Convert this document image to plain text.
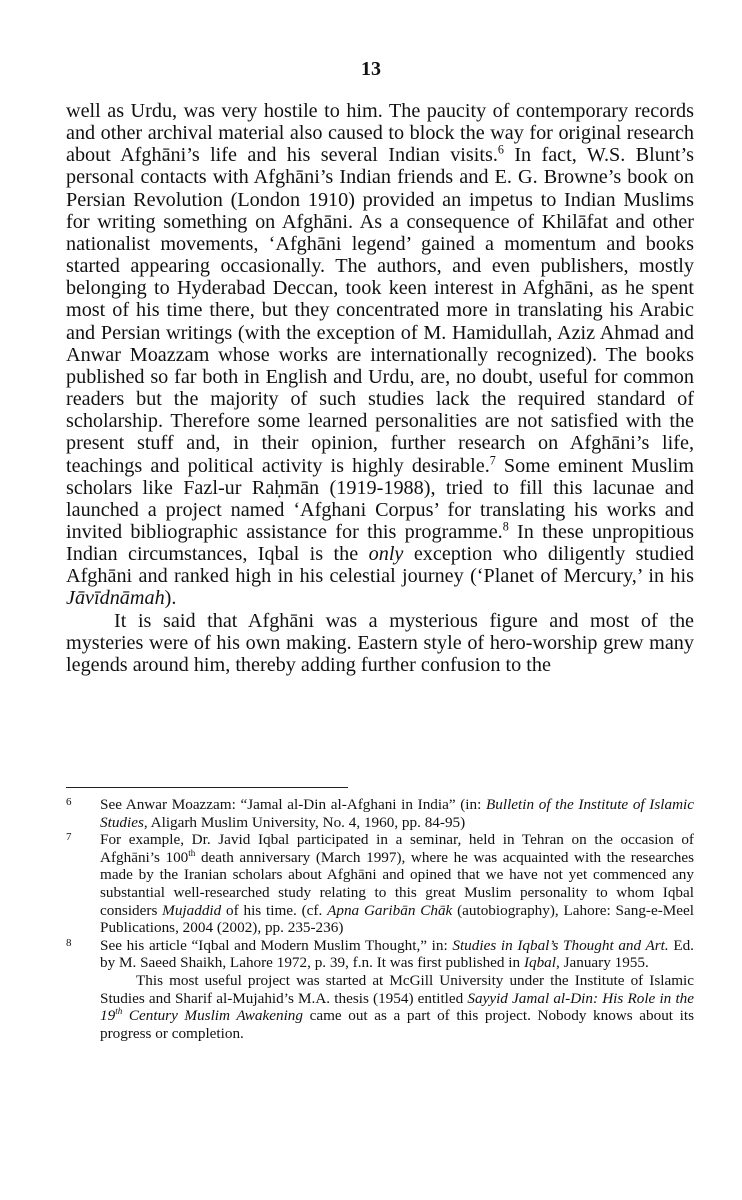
13

well as Urdu, was very hostile to him. The paucity of contemporary records and other archival material also caused to block the way for original research about Afghāni’s life and his several Indian visits.$^6$ In fact, W.S. Blunt’s personal contacts with Afghāni’s Indian friends and E. G. Browne’s book on Persian Revolution (London 1910) provided an impetus to Indian Muslims for writing something on Afghāni. As a consequence of Khilāfat and other nationalist movements, ‘Afghāni legend’ gained a momentum and books started appearing occasionally. The authors, and even publishers, mostly belonging to Hyderabad Deccan, took keen interest in Afghāni, as he spent most of his time there, but they concentrated more in translating his Arabic and Persian writings (with the exception of M. Hamidullah, Aziz Ahmad and Anwar Moazzam whose works are internationally recognized). The books published so far both in English and Urdu, are, no doubt, useful for common readers but the majority of such studies lack the required standard of scholarship. Therefore some learned personalities are not satisfied with the present stuff and, in their opinion, further research on Afghāni’s life, teachings and political activity is highly desirable.$^7$ Some eminent Muslim scholars like Fazl-ur Raḥmān (1919-1988), tried to fill this lacunae and launched a project named ‘Afghani Corpus’ for translating his works and invited bibliographic assistance for this programme.$^8$ In these unpropitious Indian circumstances, Iqbal is the only exception who diligently studied Afghāni and ranked high in his celestial journey (‘Planet of Mercury,’ in his Jāvīdnāmah).

It is said that Afghāni was a mysterious figure and most of the mysteries were of his own making. Eastern style of hero-worship grew many legends around him, thereby adding further confusion to the

6 See Anwar Moazzam: “Jamal al-Din al-Afghani in India” (in: Bulletin of the Institute of Islamic Studies, Aligarh Muslim University, No. 4, 1960, pp. 84-95)
7 For example, Dr. Javid Iqbal participated in a seminar, held in Tehran on the occasion of Afghāni’s 100th death anniversary (March 1997), where he was acquainted with the researches made by the Iranian scholars about Afghāni and opined that we have not yet commenced any substantial well-researched study relating to this great Muslim personality to whom Iqbal considers Mujaddid of his time. (cf. Apna Garibān Chāk (autobiography), Lahore: Sang-e-Meel Publications, 2004 (2002), pp. 235-236)
8 See his article “Iqbal and Modern Muslim Thought,” in: Studies in Iqbal’s Thought and Art. Ed. by M. Saeed Shaikh, Lahore 1972, p. 39, f.n. It was first published in Iqbal, January 1955.
This most useful project was started at McGill University under the Institute of Islamic Studies and Sharif al-Mujahid’s M.A. thesis (1954) entitled Sayyid Jamal al-Din: His Role in the 19th Century Muslim Awakening came out as a part of this project. Nobody knows about its progress or completion.
